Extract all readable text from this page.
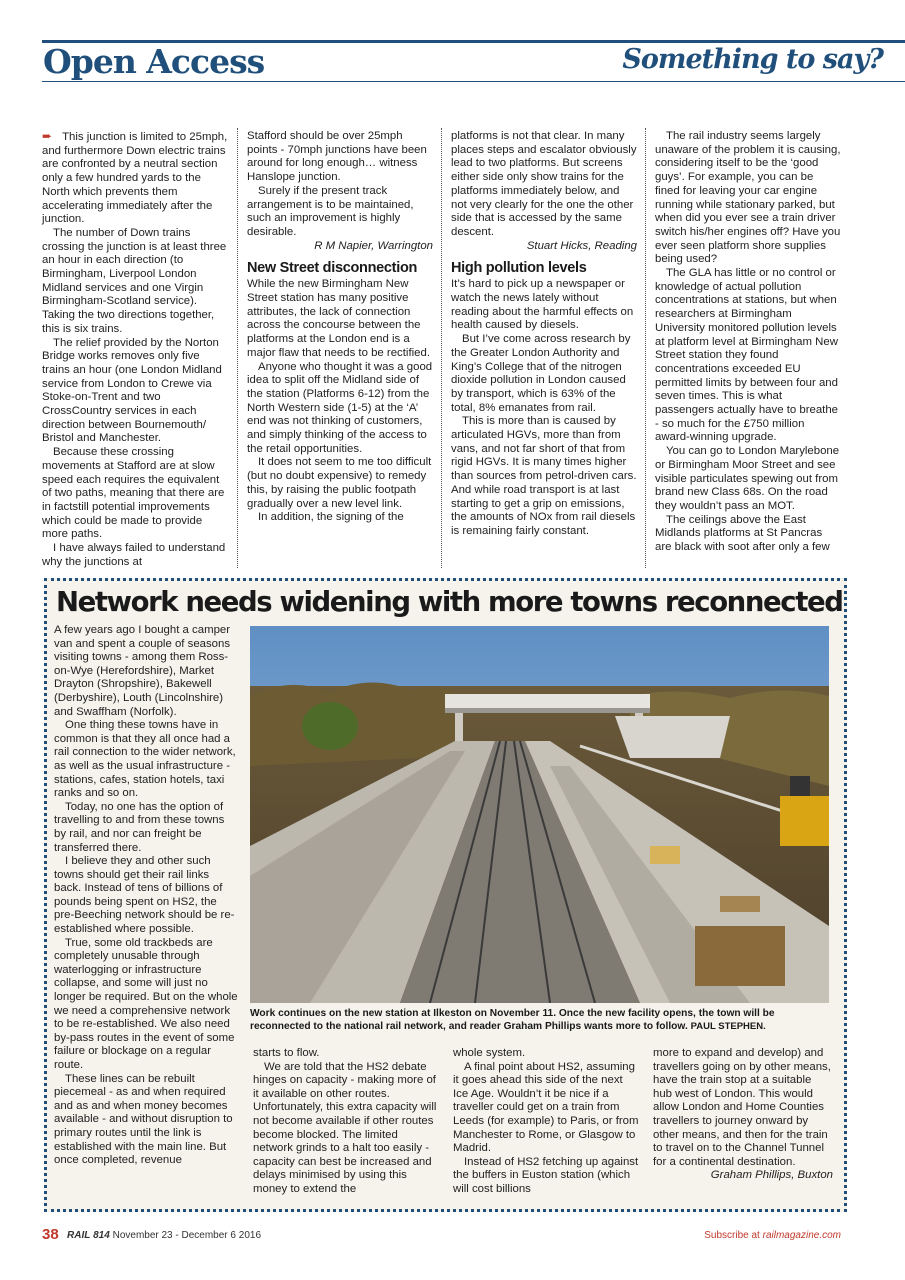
Open Access	Something to say?

➨ This junction is limited to 25mph, and furthermore Down electric trains are confronted by a neutral section only a few hundred yards to the North which prevents them accelerating immediately after the junction.

The number of Down trains crossing the junction is at least three an hour in each direction (to Birmingham, Liverpool London Midland services and one Virgin Birmingham-Scotland service). Taking the two directions together, this is six trains.

The relief provided by the Norton Bridge works removes only five trains an hour (one London Midland service from London to Crewe via Stoke-on-Trent and two CrossCountry services in each direction between Bournemouth/ Bristol and Manchester.

Because these crossing movements at Stafford are at slow speed each requires the equivalent of two paths, meaning that there are in factstill potential improvements which could be made to provide more paths.

I have always failed to understand why the junctions at

Stafford should be over 25mph points - 70mph junctions have been around for long enough… witness Hanslope junction.

Surely if the present track arrangement is to be maintained, such an improvement is highly desirable.

R M Napier, Warrington

New Street disconnection

While the new Birmingham New Street station has many positive attributes, the lack of connection across the concourse between the platforms at the London end is a major flaw that needs to be rectified.

Anyone who thought it was a good idea to split off the Midland side of the station (Platforms 6-12) from the North Western side (1-5) at the ‘A’ end was not thinking of customers, and simply thinking of the access to the retail opportunities.

It does not seem to me too difficult (but no doubt expensive) to remedy this, by raising the public footpath gradually over a new level link.

In addition, the signing of the

platforms is not that clear. In many places steps and escalator obviously lead to two platforms. But screens either side only show trains for the platforms immediately below, and not very clearly for the one the other side that is accessed by the same descent.

Stuart Hicks, Reading

High pollution levels

It’s hard to pick up a newspaper or watch the news lately without reading about the harmful effects on health caused by diesels.

But I’ve come across research by the Greater London Authority and King’s College that of the nitrogen dioxide pollution in London caused by transport, which is 63% of the total, 8% emanates from rail.

This is more than is caused by articulated HGVs, more than from vans, and not far short of that from rigid HGVs. It is many times higher than sources from petrol-driven cars. And while road transport is at last starting to get a grip on emissions, the amounts of NOx from rail diesels is remaining fairly constant.

The rail industry seems largely unaware of the problem it is causing, considering itself to be the ‘good guys’. For example, you can be fined for leaving your car engine running while stationary parked, but when did you ever see a train driver switch his/her engines off? Have you ever seen platform shore supplies being used?

The GLA has little or no control or knowledge of actual pollution concentrations at stations, but when researchers at Birmingham University monitored pollution levels at platform level at Birmingham New Street station they found concentrations exceeded EU permitted limits by between four and seven times. This is what passengers actually have to breathe - so much for the £750 million award-winning upgrade.

You can go to London Marylebone or Birmingham Moor Street and see visible particulates spewing out from brand new Class 68s. On the road they wouldn’t pass an MOT.

The ceilings above the East Midlands platforms at St Pancras are black with soot after only a few

Network needs widening with more towns reconnected

A few years ago I bought a camper van and spent a couple of seasons visiting towns - among them Ross-on-Wye (Herefordshire), Market Drayton (Shropshire), Bakewell (Derbyshire), Louth (Lincolnshire) and Swaffham (Norfolk).

One thing these towns have in common is that they all once had a rail connection to the wider network, as well as the usual infrastructure - stations, cafes, station hotels, taxi ranks and so on.

Today, no one has the option of travelling to and from these towns by rail, and nor can freight be transferred there.

I believe they and other such towns should get their rail links back. Instead of tens of billions of pounds being spent on HS2, the pre-Beeching network should be re-established where possible.

True, some old trackbeds are completely unusable through waterlogging or infrastructure collapse, and some will just no longer be required. But on the whole we need a comprehensive network to be re-established. We also need by-pass routes in the event of some failure or blockage on a regular route.

These lines can be rebuilt piecemeal - as and when required and as and when money becomes available - and without disruption to primary routes until the link is established with the main line. But once completed, revenue

Work continues on the new station at Ilkeston on November 11. Once the new facility opens, the town will be reconnected to the national rail network, and reader Graham Phillips wants more to follow. PAUL STEPHEN.

starts to flow.

We are told that the HS2 debate hinges on capacity - making more of it available on other routes. Unfortunately, this extra capacity will not become available if other routes become blocked. The limited network grinds to a halt too easily - capacity can best be increased and delays minimised by using this money to extend the

whole system.

A final point about HS2, assuming it goes ahead this side of the next Ice Age. Wouldn’t it be nice if a traveller could get on a train from Leeds (for example) to Paris, or from Manchester to Rome, or Glasgow to Madrid.

Instead of HS2 fetching up against the buffers in Euston station (which will cost billions

more to expand and develop) and travellers going on by other means, have the train stop at a suitable hub west of London. This would allow London and Home Counties travellers to journey onward by other means, and then for the train to travel on to the Channel Tunnel for a continental destination.

Graham Phillips, Buxton

38 RAIL 814 November 23 - December 6 2016	Subscribe at railmagazine.com
